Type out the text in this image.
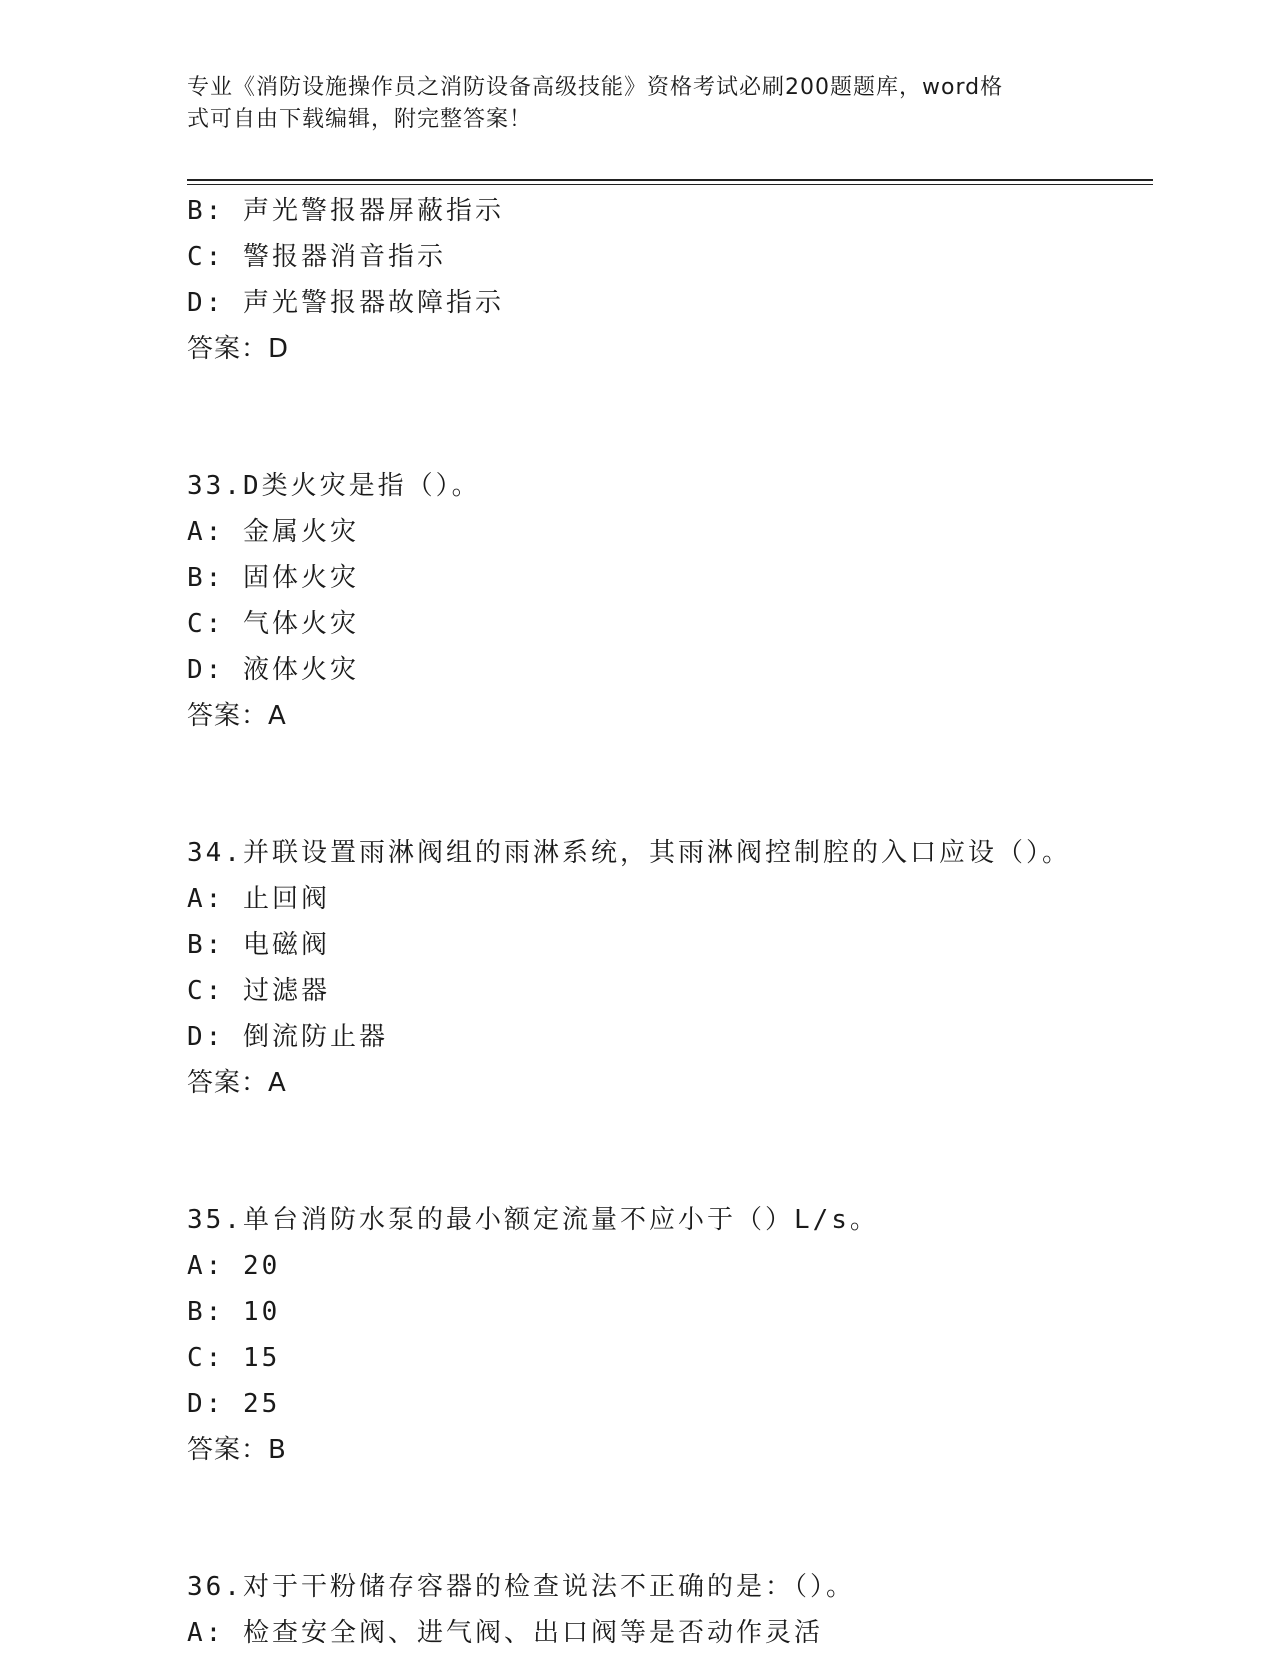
专业《消防设施操作员之消防设备高级技能》资格考试必刷200题题库，word格
式可自由下载编辑，附完整答案！
B: 声光警报器屏蔽指示
C: 警报器消音指示
D: 声光警报器故障指示
答案：D
33.D类火灾是指（）。
A: 金属火灾
B: 固体火灾
C: 气体火灾
D: 液体火灾
答案：A
34.并联设置雨淋阀组的雨淋系统，其雨淋阀控制腔的入口应设（）。
A: 止回阀
B: 电磁阀
C: 过滤器
D: 倒流防止器
答案：A
35.单台消防水泵的最小额定流量不应小于（）L/s。
A: 20
B: 10
C: 15
D: 25
答案：B
36.对于干粉储存容器的检查说法不正确的是：（）。
A: 检查安全阀、进气阀、出口阀等是否动作灵活
